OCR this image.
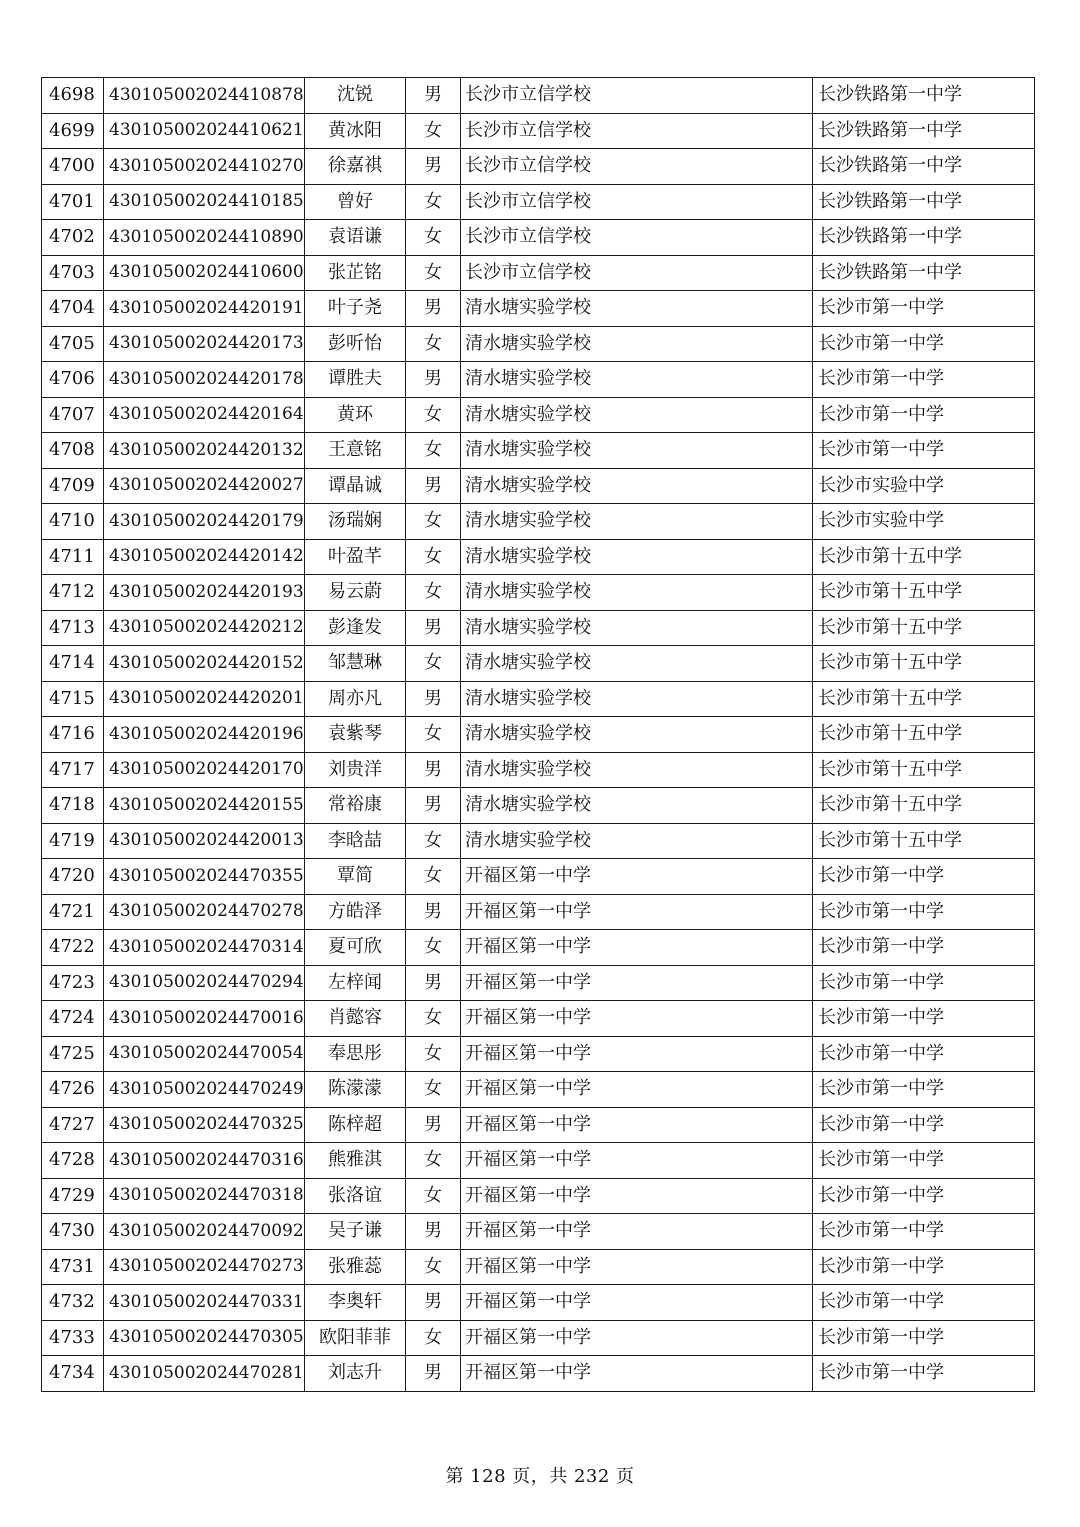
4698	430105002024410878	沈锐	男	长沙市立信学校	长沙铁路第一中学
4699	430105002024410621	黄冰阳	女	长沙市立信学校	长沙铁路第一中学
4700	430105002024410270	徐嘉祺	男	长沙市立信学校	长沙铁路第一中学
4701	430105002024410185	曾好	女	长沙市立信学校	长沙铁路第一中学
4702	430105002024410890	袁语谦	女	长沙市立信学校	长沙铁路第一中学
4703	430105002024410600	张芷铭	女	长沙市立信学校	长沙铁路第一中学
4704	430105002024420191	叶子尧	男	清水塘实验学校	长沙市第一中学
4705	430105002024420173	彭听怡	女	清水塘实验学校	长沙市第一中学
4706	430105002024420178	谭胜夫	男	清水塘实验学校	长沙市第一中学
4707	430105002024420164	黄环	女	清水塘实验学校	长沙市第一中学
4708	430105002024420132	王意铭	女	清水塘实验学校	长沙市第一中学
4709	430105002024420027	谭晶诚	男	清水塘实验学校	长沙市实验中学
4710	430105002024420179	汤瑞娴	女	清水塘实验学校	长沙市实验中学
4711	430105002024420142	叶盈芊	女	清水塘实验学校	长沙市第十五中学
4712	430105002024420193	易云蔚	女	清水塘实验学校	长沙市第十五中学
4713	430105002024420212	彭逢发	男	清水塘实验学校	长沙市第十五中学
4714	430105002024420152	邹慧琳	女	清水塘实验学校	长沙市第十五中学
4715	430105002024420201	周亦凡	男	清水塘实验学校	长沙市第十五中学
4716	430105002024420196	袁紫琴	女	清水塘实验学校	长沙市第十五中学
4717	430105002024420170	刘贵洋	男	清水塘实验学校	长沙市第十五中学
4718	430105002024420155	常裕康	男	清水塘实验学校	长沙市第十五中学
4719	430105002024420013	李晗喆	女	清水塘实验学校	长沙市第十五中学
4720	430105002024470355	覃简	女	开福区第一中学	长沙市第一中学
4721	430105002024470278	方皓泽	男	开福区第一中学	长沙市第一中学
4722	430105002024470314	夏可欣	女	开福区第一中学	长沙市第一中学
4723	430105002024470294	左梓闻	男	开福区第一中学	长沙市第一中学
4724	430105002024470016	肖懿容	女	开福区第一中学	长沙市第一中学
4725	430105002024470054	奉思彤	女	开福区第一中学	长沙市第一中学
4726	430105002024470249	陈濛濛	女	开福区第一中学	长沙市第一中学
4727	430105002024470325	陈梓超	男	开福区第一中学	长沙市第一中学
4728	430105002024470316	熊雅淇	女	开福区第一中学	长沙市第一中学
4729	430105002024470318	张洛谊	女	开福区第一中学	长沙市第一中学
4730	430105002024470092	吴子谦	男	开福区第一中学	长沙市第一中学
4731	430105002024470273	张雅蕊	女	开福区第一中学	长沙市第一中学
4732	430105002024470331	李奥轩	男	开福区第一中学	长沙市第一中学
4733	430105002024470305	欧阳菲菲	女	开福区第一中学	长沙市第一中学
4734	430105002024470281	刘志升	男	开福区第一中学	长沙市第一中学
第 128 页，共 232 页
